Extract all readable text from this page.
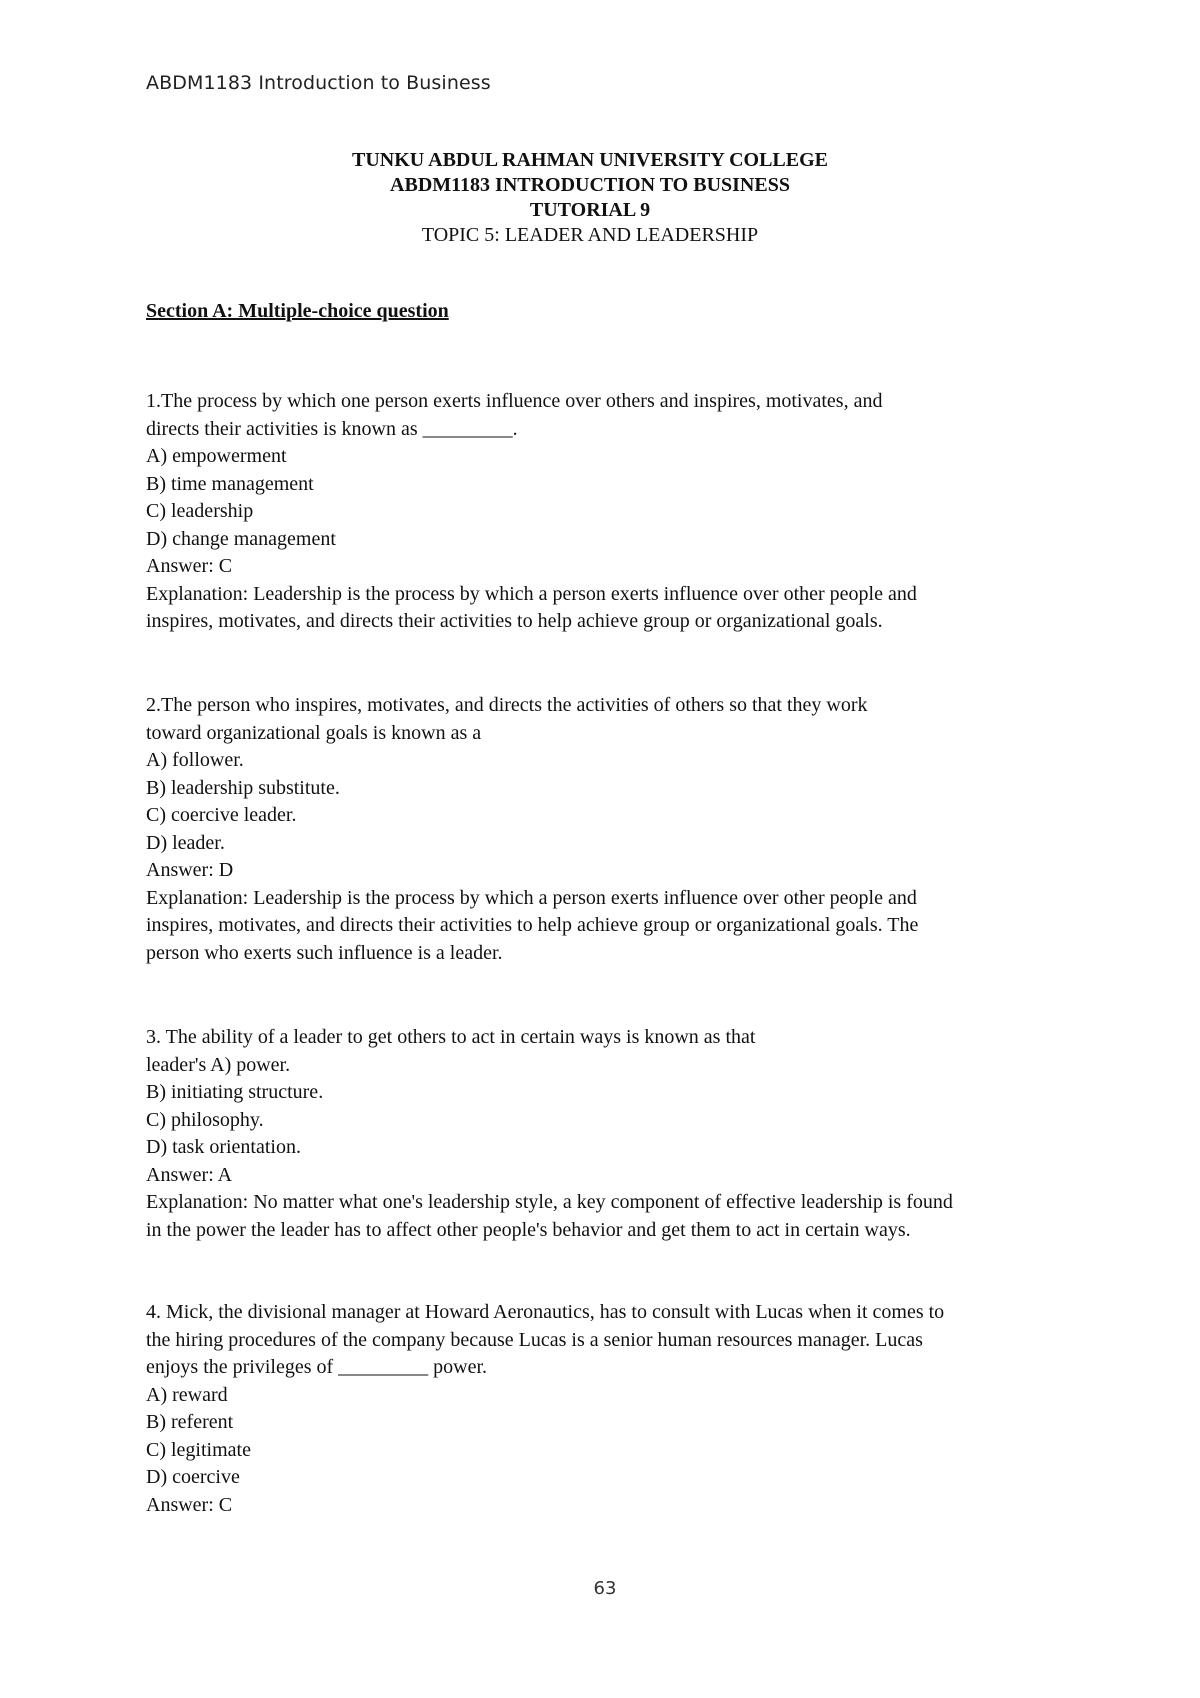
ABDM1183 Introduction to Business
TUNKU ABDUL RAHMAN UNIVERSITY COLLEGE
ABDM1183 INTRODUCTION TO BUSINESS
TUTORIAL 9
TOPIC 5: LEADER AND LEADERSHIP
Section A: Multiple-choice question
1.The process by which one person exerts influence over others and inspires, motivates, and
directs their activities is known as _________.
A) empowerment
B) time management
C) leadership
D) change management
Answer: C
Explanation: Leadership is the process by which a person exerts influence over other people and
inspires, motivates, and directs their activities to help achieve group or organizational goals.
2.The person who inspires, motivates, and directs the activities of others so that they work
toward organizational goals is known as a
A) follower.
B) leadership substitute.
C) coercive leader.
D) leader.
Answer: D
Explanation: Leadership is the process by which a person exerts influence over other people and
inspires, motivates, and directs their activities to help achieve group or organizational goals. The
person who exerts such influence is a leader.
3. The ability of a leader to get others to act in certain ways is known as that
leader's A) power.
B) initiating structure.
C) philosophy.
D) task orientation.
Answer: A
Explanation: No matter what one's leadership style, a key component of effective leadership is found
in the power the leader has to affect other people's behavior and get them to act in certain ways.
4. Mick, the divisional manager at Howard Aeronautics, has to consult with Lucas when it comes to
the hiring procedures of the company because Lucas is a senior human resources manager. Lucas
enjoys the privileges of _________ power.
A) reward
B) referent
C) legitimate
D) coercive
Answer: C
63
